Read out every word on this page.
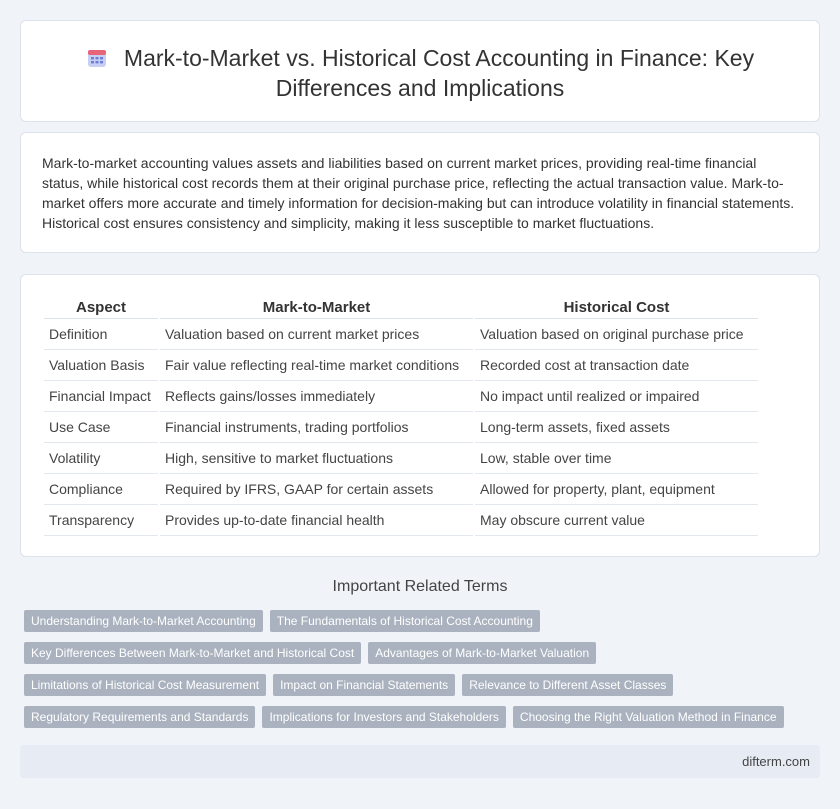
Mark-to-Market vs. Historical Cost Accounting in Finance: Key Differences and Implications

Mark-to-market accounting values assets and liabilities based on current market prices, providing real-time financial status, while historical cost records them at their original purchase price, reflecting the actual transaction value. Mark-to-market offers more accurate and timely information for decision-making but can introduce volatility in financial statements. Historical cost ensures consistency and simplicity, making it less susceptible to market fluctuations.

Aspect	Mark-to-Market	Historical Cost
Definition	Valuation based on current market prices	Valuation based on original purchase price
Valuation Basis	Fair value reflecting real-time market conditions	Recorded cost at transaction date
Financial Impact	Reflects gains/losses immediately	No impact until realized or impaired
Use Case	Financial instruments, trading portfolios	Long-term assets, fixed assets
Volatility	High, sensitive to market fluctuations	Low, stable over time
Compliance	Required by IFRS, GAAP for certain assets	Allowed for property, plant, equipment
Transparency	Provides up-to-date financial health	May obscure current value
Important Related Terms
Understanding Mark-to-Market Accounting	The Fundamentals of Historical Cost Accounting
Key Differences Between Mark-to-Market and Historical Cost	Advantages of Mark-to-Market Valuation
Limitations of Historical Cost Measurement	Impact on Financial Statements	Relevance to Different Asset Classes
Regulatory Requirements and Standards	Implications for Investors and Stakeholders	Choosing the Right Valuation Method in Finance
difterm.com
